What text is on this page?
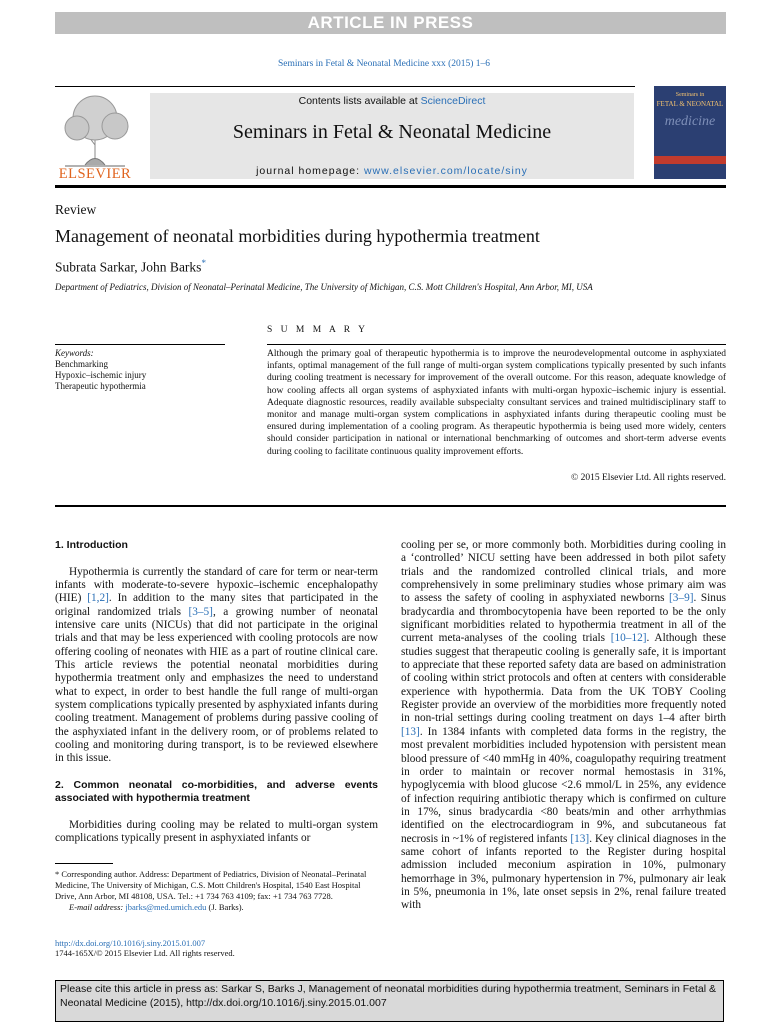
ARTICLE IN PRESS
Seminars in Fetal & Neonatal Medicine xxx (2015) 1–6
ELSEVIER
Contents lists available at ScienceDirect
Seminars in Fetal & Neonatal Medicine
journal homepage: www.elsevier.com/locate/siny
Seminars in
FETAL & NEONATAL
medicine
Review
Management of neonatal morbidities during hypothermia treatment
Subrata Sarkar, John Barks*
Department of Pediatrics, Division of Neonatal–Perinatal Medicine, The University of Michigan, C.S. Mott Children's Hospital, Ann Arbor, MI, USA
S U M M A R Y
Keywords:
Benchmarking
Hypoxic–ischemic injury
Therapeutic hypothermia
Although the primary goal of therapeutic hypothermia is to improve the neurodevelopmental outcome in asphyxiated infants, optimal management of the full range of multi-organ system complications typically presented by such infants during cooling treatment is necessary for improvement of the overall outcome. For this reason, adequate knowledge of how cooling affects all organ systems of asphyxiated infants with multi-organ hypoxic–ischemic injury is essential. Adequate diagnostic resources, readily available subspecialty consultant services and trained multidisciplinary staff to monitor and manage multi-organ system complications in asphyxiated infants during therapeutic cooling must be ensured during implementation of a cooling program. As therapeutic hypothermia is being used more widely, centers should consider participation in national or international benchmarking of outcomes and short-term adverse events during cooling to facilitate continuous quality improvement efforts.
© 2015 Elsevier Ltd. All rights reserved.
1. Introduction
Hypothermia is currently the standard of care for term or near-term infants with moderate-to-severe hypoxic–ischemic encephalopathy (HIE) [1,2]. In addition to the many sites that participated in the original randomized trials [3–5], a growing number of neonatal intensive care units (NICUs) that did not participate in the original trials and that may be less experienced with cooling protocols are now offering cooling of neonates with HIE as a part of routine clinical care. This article reviews the potential neonatal morbidities during hypothermia treatment only and emphasizes the need to understand what to expect, in order to best handle the full range of multi-organ system complications typically presented by asphyxiated infants during cooling treatment. Management of problems during passive cooling of the asphyxiated infant in the delivery room, or of problems related to cooling and monitoring during transport, is to be reviewed elsewhere in this issue.
2. Common neonatal co-morbidities, and adverse events associated with hypothermia treatment
Morbidities during cooling may be related to multi-organ system complications typically present in asphyxiated infants or
* Corresponding author. Address: Department of Pediatrics, Division of Neonatal–Perinatal Medicine, The University of Michigan, C.S. Mott Children's Hospital, 1540 East Hospital Drive, Ann Arbor, MI 48108, USA. Tel.: +1 734 763 4109; fax: +1 734 763 7728.
E-mail address: jbarks@med.umich.edu (J. Barks).
http://dx.doi.org/10.1016/j.siny.2015.01.007
1744-165X/© 2015 Elsevier Ltd. All rights reserved.
cooling per se, or more commonly both. Morbidities during cooling in a ‘controlled’ NICU setting have been addressed in both pilot safety trials and the randomized controlled clinical trials, and more comprehensively in some preliminary studies whose primary aim was to assess the safety of cooling in asphyxiated newborns [3–9]. Sinus bradycardia and thrombocytopenia have been reported to be the only significant morbidities related to hypothermia treatment in all of the current meta-analyses of the cooling trials [10–12]. Although these studies suggest that therapeutic cooling is generally safe, it is important to appreciate that these reported safety data are based on administration of cooling within strict protocols and often at centers with considerable experience with hypothermia. Data from the UK TOBY Cooling Register provide an overview of the morbidities more frequently noted in non-trial settings during cooling treatment on days 1–4 after birth [13]. In 1384 infants with completed data forms in the registry, the most prevalent morbidities included hypotension with persistent mean blood pressure of <40 mmHg in 40%, coagulopathy requiring treatment in order to maintain or recover normal hemostasis in 31%, hypoglycemia with blood glucose <2.6 mmol/L in 25%, any evidence of infection requiring antibiotic therapy which is confirmed on culture in 17%, sinus bradycardia <80 beats/min and other arrhythmias identified on the electrocardiogram in 9%, and subcutaneous fat necrosis in ~1% of registered infants [13]. Key clinical diagnoses in the same cohort of infants reported to the Register during hospital admission included meconium aspiration in 10%, pulmonary hemorrhage in 3%, pulmonary hypertension in 7%, pulmonary air leak in 5%, pneumonia in 1%, late onset sepsis in 2%, renal failure treated with
Please cite this article in press as: Sarkar S, Barks J, Management of neonatal morbidities during hypothermia treatment, Seminars in Fetal & Neonatal Medicine (2015), http://dx.doi.org/10.1016/j.siny.2015.01.007
